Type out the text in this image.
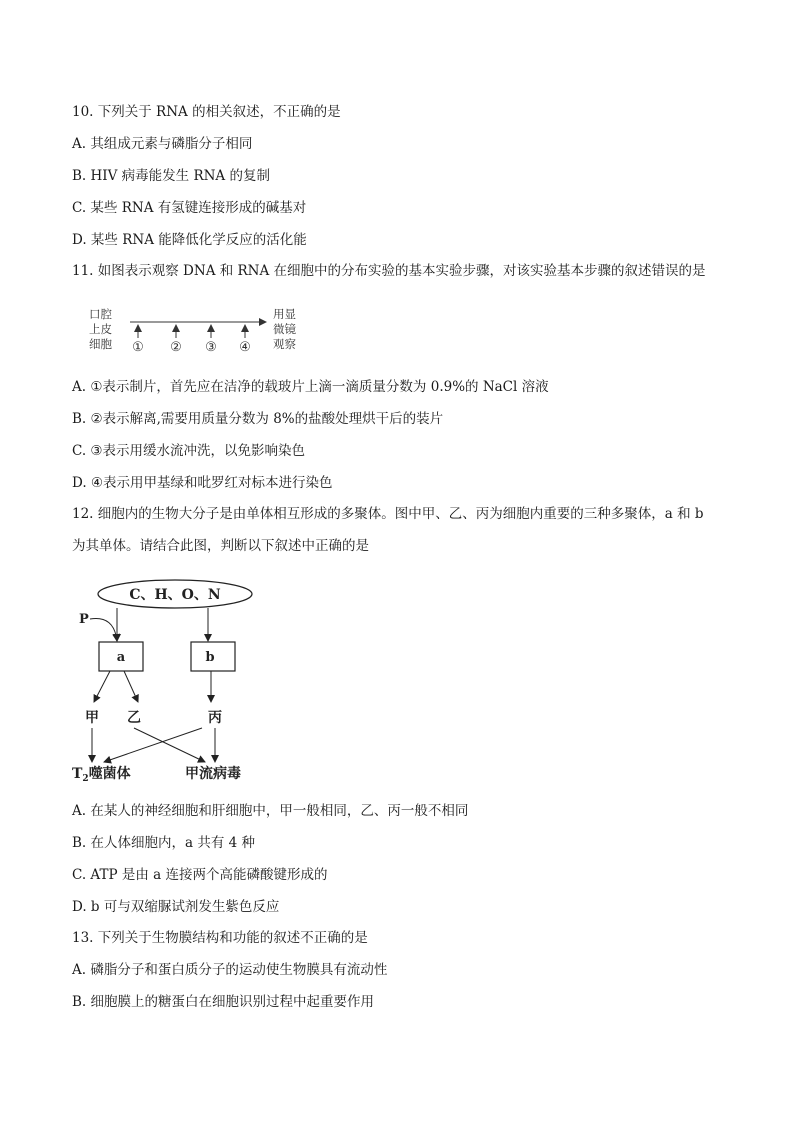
10. 下列关于 RNA 的相关叙述，不正确的是
A. 其组成元素与磷脂分子相同
B. HIV 病毒能发生 RNA 的复制
C. 某些 RNA 有氢键连接形成的碱基对
D. 某些 RNA 能降低化学反应的活化能
11. 如图表示观察 DNA 和 RNA 在细胞中的分布实验的基本实验步骤，对该实验基本步骤的叙述错误的是
口腔
上皮
细胞
用显
微镜
观察
① ② ③ ④
A. ①表示制片，首先应在洁净的载玻片上滴一滴质量分数为 0.9%的 NaCl 溶液
B. ②表示解离,需要用质量分数为 8%的盐酸处理烘干后的装片
C. ③表示用缓水流冲洗，以免影响染色
D. ④表示用甲基绿和吡罗红对标本进行染色
12. 细胞内的生物大分子是由单体相互形成的多聚体。图中甲、乙、丙为细胞内重要的三种多聚体，a 和 b
为其单体。请结合此图，判断以下叙述中正确的是
C、H、O、N
P
a	b
甲 乙	丙
$T_2$噬菌体	甲流病毒
A. 在某人的神经细胞和肝细胞中，甲一般相同，乙、丙一般不相同
B. 在人体细胞内，a 共有 4 种
C. ATP 是由 a 连接两个高能磷酸键形成的
D. b 可与双缩脲试剂发生紫色反应
13. 下列关于生物膜结构和功能的叙述不正确的是
A. 磷脂分子和蛋白质分子的运动使生物膜具有流动性
B. 细胞膜上的糖蛋白在细胞识别过程中起重要作用
